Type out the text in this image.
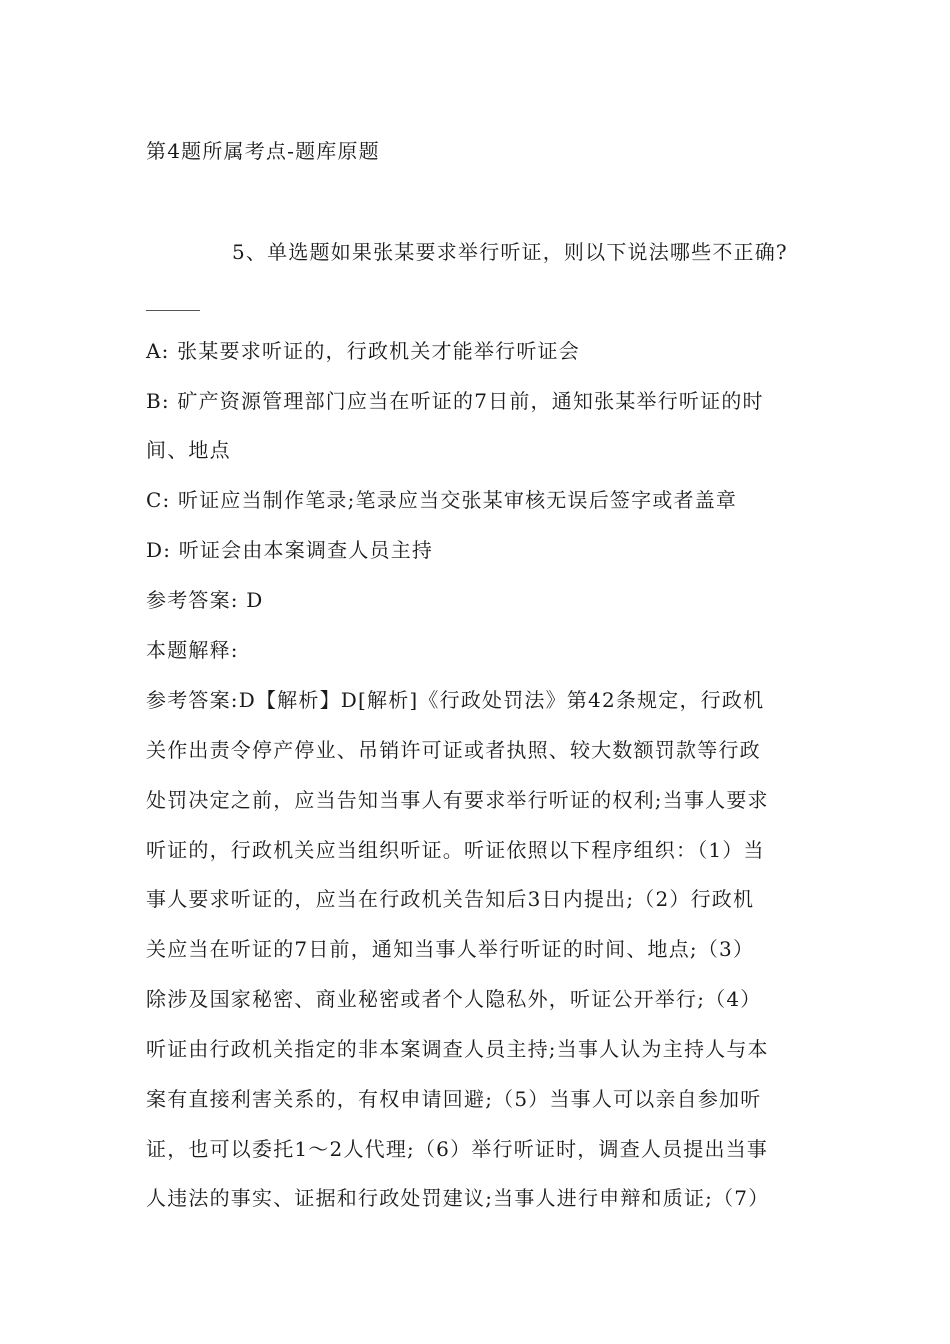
第4题所属考点-题库原题
5、单选题如果张某要求举行听证，则以下说法哪些不正确?
A: 张某要求听证的，行政机关才能举行听证会
B: 矿产资源管理部门应当在听证的7日前，通知张某举行听证的时
间、地点
C: 听证应当制作笔录;笔录应当交张某审核无误后签字或者盖章
D: 听证会由本案调查人员主持
参考答案: D
本题解释:
参考答案:D【解析】D[解析]《行政处罚法》第42条规定，行政机
关作出责令停产停业、吊销许可证或者执照、较大数额罚款等行政
处罚决定之前，应当告知当事人有要求举行听证的权利;当事人要求
听证的，行政机关应当组织听证。听证依照以下程序组织：（1）当
事人要求听证的，应当在行政机关告知后3日内提出;（2）行政机
关应当在听证的7日前，通知当事人举行听证的时间、地点;（3）
除涉及国家秘密、商业秘密或者个人隐私外，听证公开举行;（4）
听证由行政机关指定的非本案调查人员主持;当事人认为主持人与本
案有直接利害关系的，有权申请回避;（5）当事人可以亲自参加听
证，也可以委托1～2人代理;（6）举行听证时，调查人员提出当事
人违法的事实、证据和行政处罚建议;当事人进行申辩和质证;（7）
